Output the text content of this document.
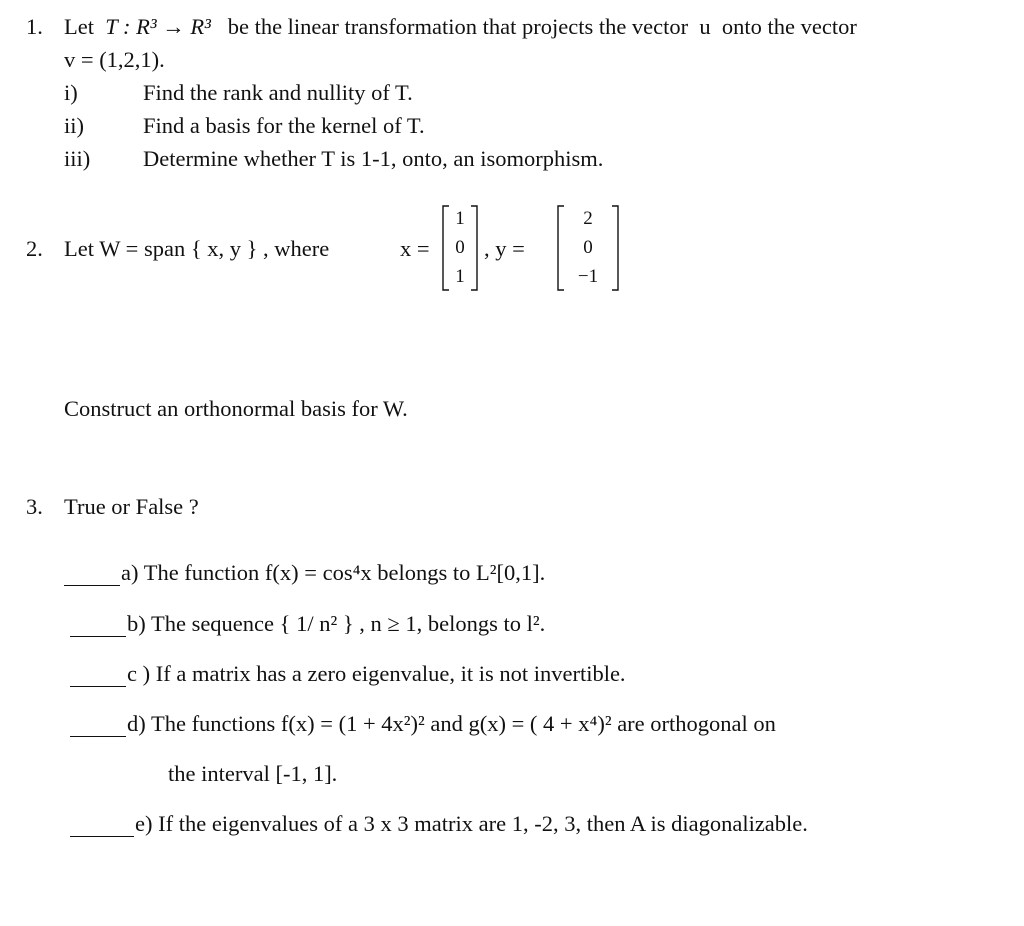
1. Let T : R³ → R³ be the linear transformation that projects the vector u onto the vector
v = (1,2,1).
i)	Find the rank and nullity of T.
ii)	Find a basis for the kernel of T.
iii) Determine whether T is 1-1, onto, an isomorphism.
2. Let W = span { x, y } , where	x =
1
0
1
, y =
2
0
−1
Construct an orthonormal basis for W.
3. True or False ?
a) The function f(x) = cos⁴x belongs to L²[0,1].
b) The sequence { 1/ n² } , n ≥ 1, belongs to l².
c ) If a matrix has a zero eigenvalue, it is not invertible.
d) The functions f(x) = (1 + 4x²)² and g(x) = ( 4 + x⁴)² are orthogonal on
the interval [-1, 1].
e) If the eigenvalues of a 3 x 3 matrix are 1, -2, 3, then A is diagonalizable.
